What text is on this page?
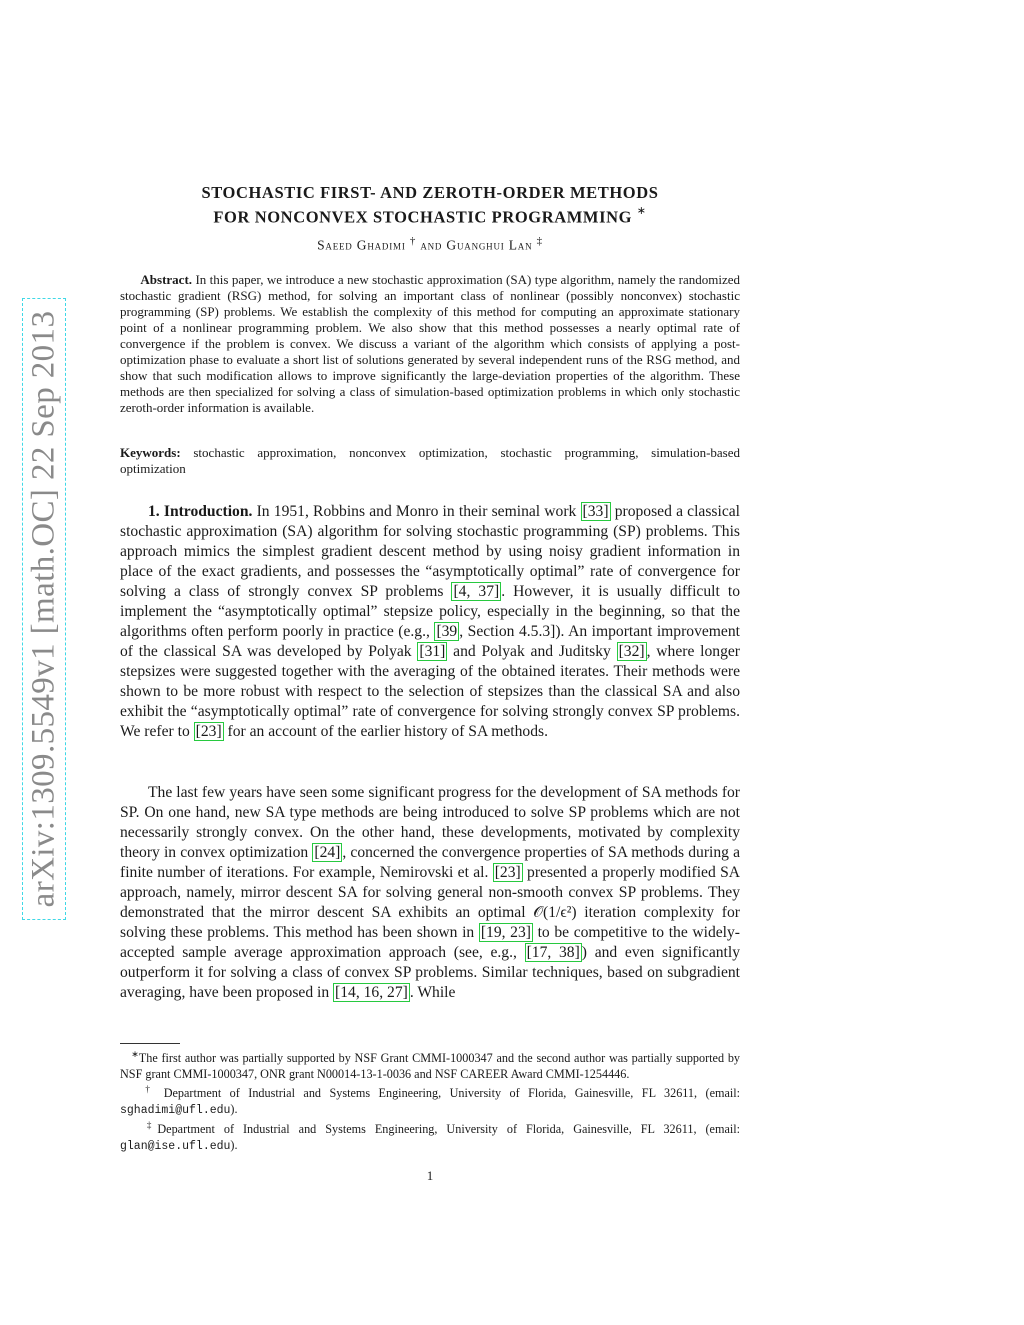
arXiv:1309.5549v1 [math.OC] 22 Sep 2013
STOCHASTIC FIRST- AND ZEROTH-ORDER METHODS
FOR NONCONVEX STOCHASTIC PROGRAMMING ∗
Saeed Ghadimi † and Guanghui Lan ‡
Abstract. In this paper, we introduce a new stochastic approximation (SA) type algorithm, namely the randomized stochastic gradient (RSG) method, for solving an important class of nonlinear (possibly nonconvex) stochastic programming (SP) problems. We establish the complexity of this method for computing an approximate stationary point of a nonlinear programming problem. We also show that this method possesses a nearly optimal rate of convergence if the problem is convex. We discuss a variant of the algorithm which consists of applying a post-optimization phase to evaluate a short list of solutions generated by several independent runs of the RSG method, and show that such modification allows to improve significantly the large-deviation properties of the algorithm. These methods are then specialized for solving a class of simulation-based optimization problems in which only stochastic zeroth-order information is available.
Keywords: stochastic approximation, nonconvex optimization, stochastic programming, simulation-based optimization

1. Introduction. In 1951, Robbins and Monro in their seminal work [33] proposed a classical stochastic approximation (SA) algorithm for solving stochastic programming (SP) problems. This approach mimics the simplest gradient descent method by using noisy gradient information in place of the exact gradients, and possesses the “asymptotically optimal” rate of convergence for solving a class of strongly convex SP problems [4, 37] . However, it is usually difficult to implement the “asymptotically optimal” stepsize policy, especially in the beginning, so that the algorithms often perform poorly in practice (e.g., [39 , Section 4.5.3]). An important improvement of the classical SA was developed by Polyak [31] and Polyak and Juditsky [32] , where longer stepsizes were suggested together with the averaging of the obtained iterates. Their methods were shown to be more robust with respect to the selection of stepsizes than the classical SA and also exhibit the “asymptotically optimal” rate of convergence for solving strongly convex SP problems. We refer to [23] for an account of the earlier history of SA methods.

The last few years have seen some significant progress for the development of SA methods for SP. On one hand, new SA type methods are being introduced to solve SP problems which are not necessarily strongly convex. On the other hand, these developments, motivated by complexity theory in convex optimization [24] , concerned the convergence properties of SA methods during a finite number of iterations. For example, Nemirovski et al. [23] presented a properly modified SA approach, namely, mirror descent SA for solving general non-smooth convex SP problems. They demonstrated that the mirror descent SA exhibits an optimal 𝒪(1/ϵ²) iteration complexity for solving these problems. This method has been shown in [19, 23] to be competitive to the widely-accepted sample average approximation approach (see, e.g., [17, 38] ) and even significantly outperform it for solving a class of convex SP problems. Similar techniques, based on subgradient averaging, have been proposed in [14, 16, 27] . While

∗The first author was partially supported by NSF Grant CMMI-1000347 and the second author was partially supported by NSF grant CMMI-1000347, ONR grant N00014-13-1-0036 and NSF CAREER Award CMMI-1254446.

† Department of Industrial and Systems Engineering, University of Florida, Gainesville, FL 32611, (email: sghadimi@ufl.edu).

‡Department of Industrial and Systems Engineering, University of Florida, Gainesville, FL 32611, (email: glan@ise.ufl.edu).

1
